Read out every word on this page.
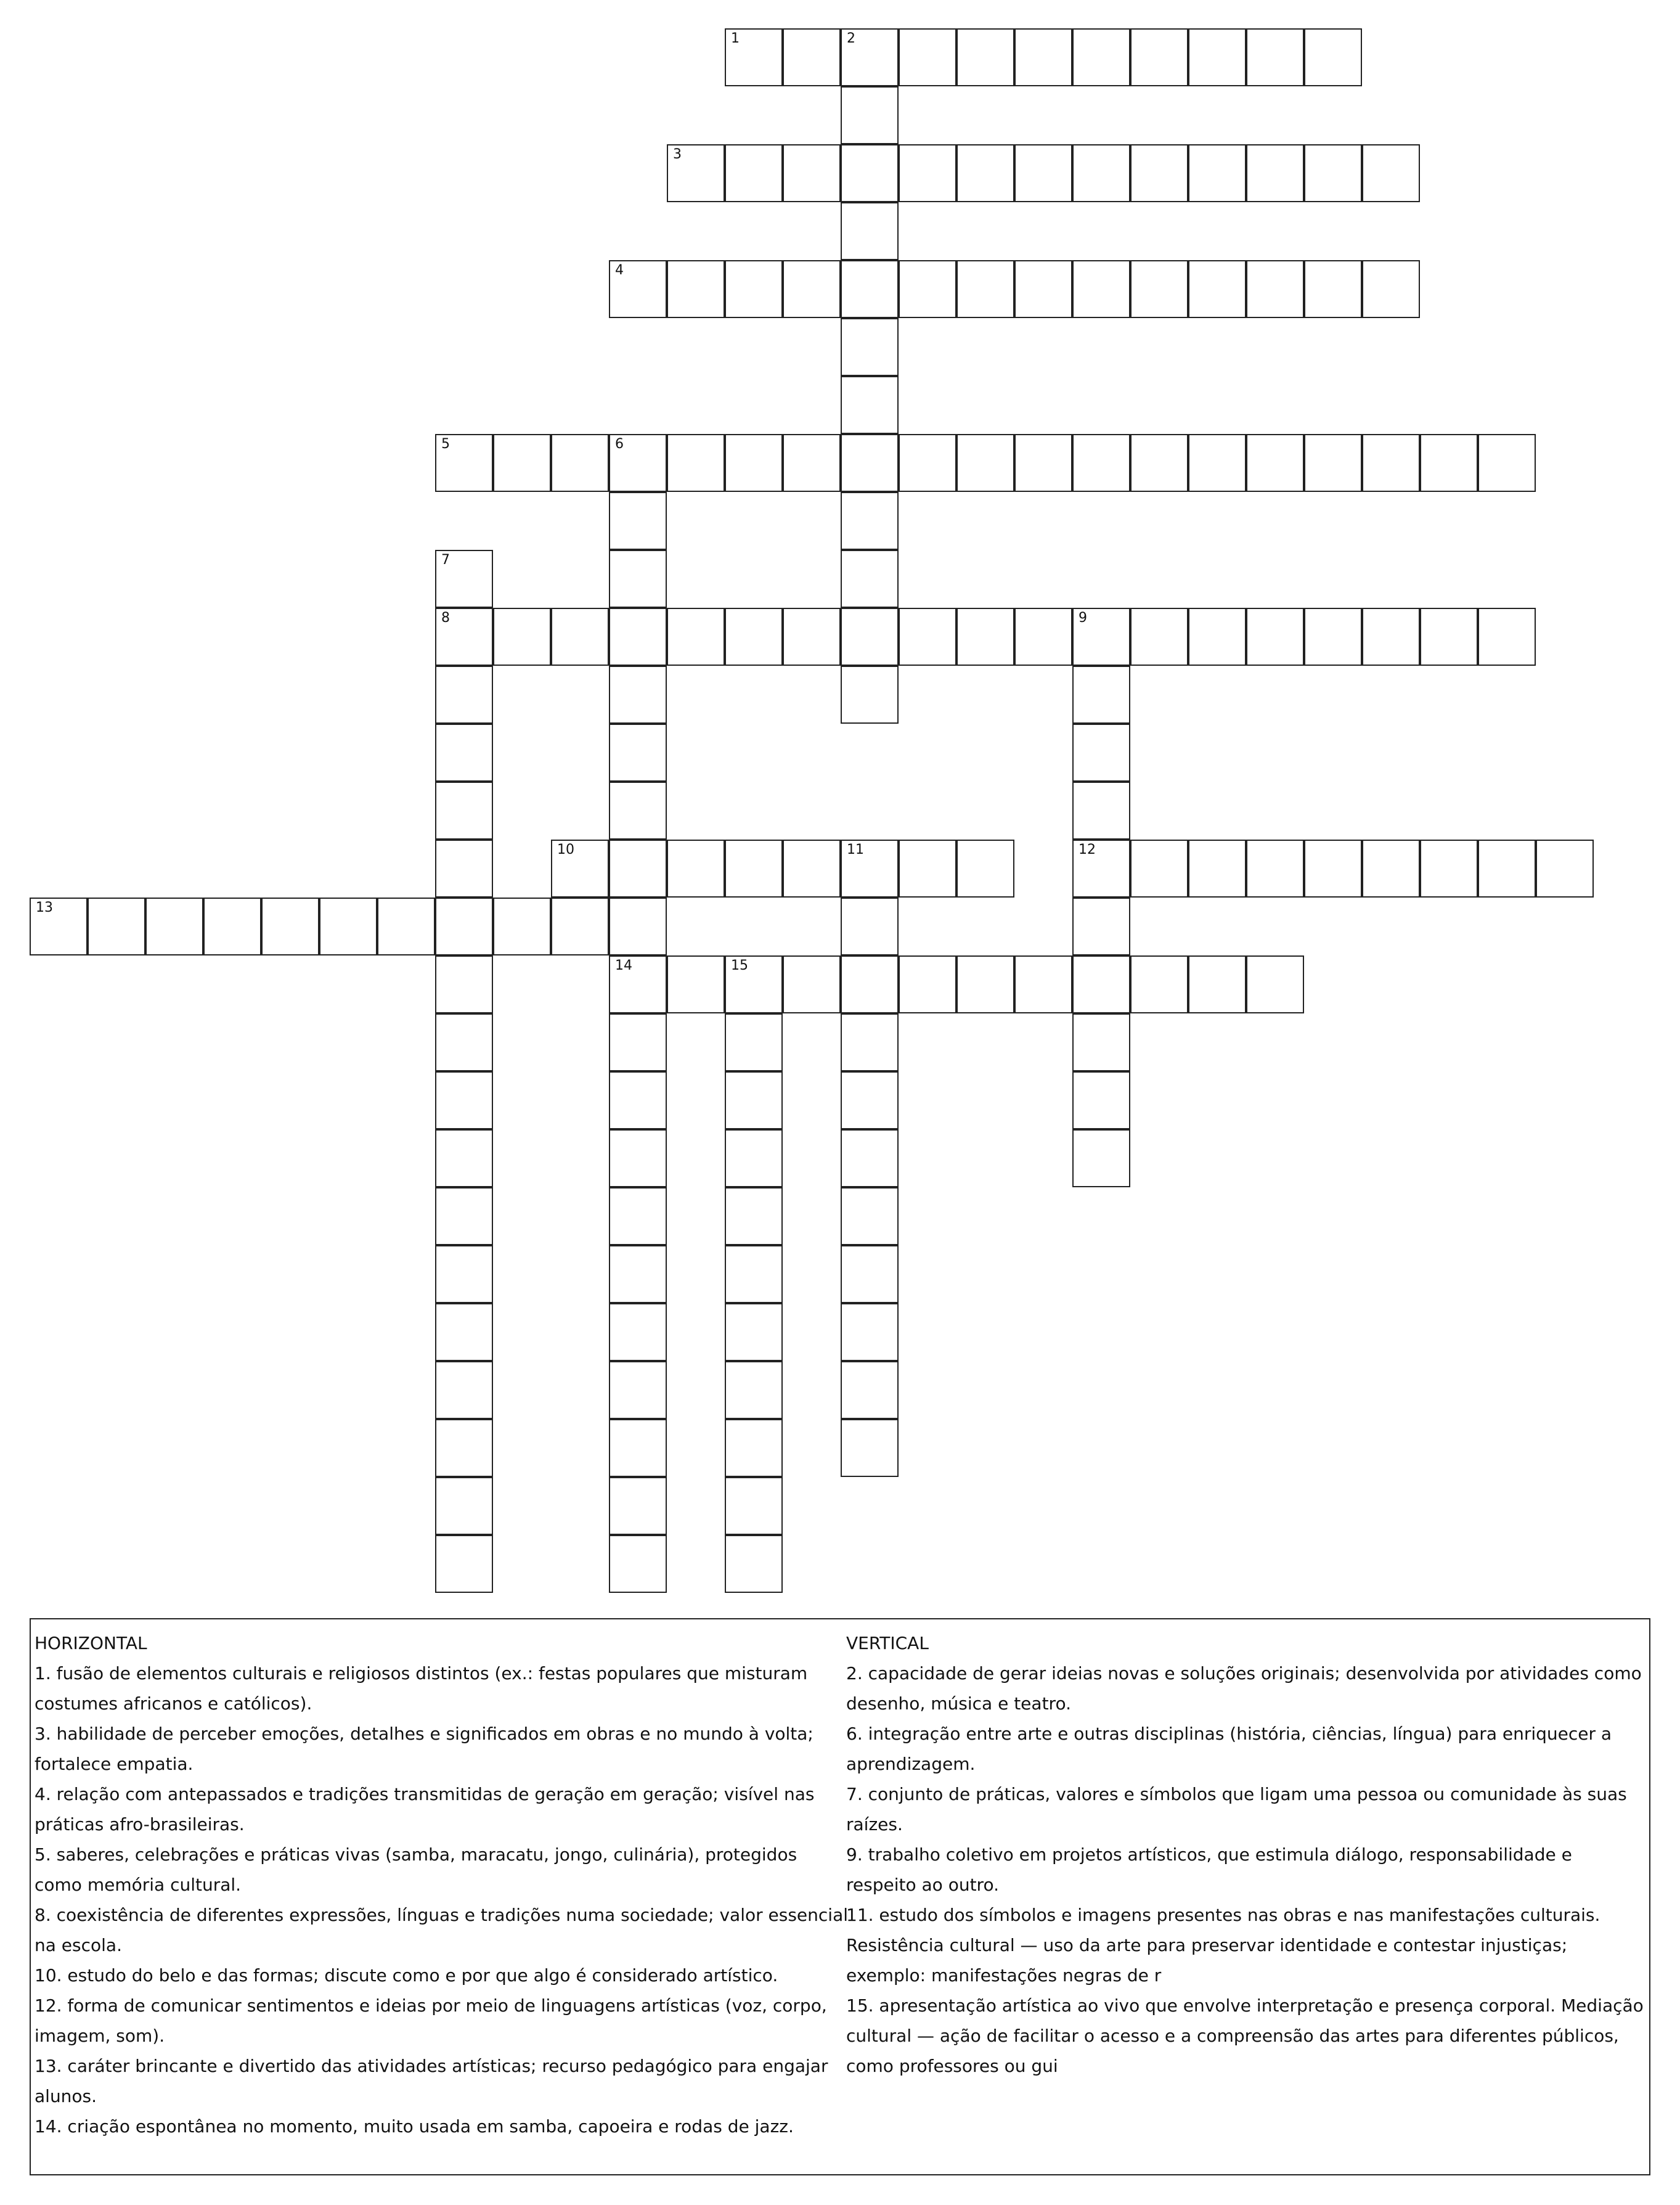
1	2
3
4
5	6
14
7
8	9
12
10	11
13
15

HORIZONTAL

1. fusão de elementos culturais e religiosos distintos (ex.: festas populares que misturam costumes africanos e católicos).

3. habilidade de perceber emoções, detalhes e significados em obras e no mundo à volta; fortalece empatia.

4. relação com antepassados e tradições transmitidas de geração em geração; visível nas práticas afro-brasileiras.

5. saberes, celebrações e práticas vivas (samba, maracatu, jongo, culinária), protegidos como memória cultural.

8. coexistência de diferentes expressões, línguas e tradições numa sociedade; valor essencial na escola.

10. estudo do belo e das formas; discute como e por que algo é considerado artístico.

12. forma de comunicar sentimentos e ideias por meio de linguagens artísticas (voz, corpo, imagem, som).

13. caráter brincante e divertido das atividades artísticas; recurso pedagógico para engajar alunos.

14. criação espontânea no momento, muito usada em samba, capoeira e rodas de jazz.

VERTICAL

2. capacidade de gerar ideias novas e soluções originais; desenvolvida por atividades como desenho, música e teatro.

6. integração entre arte e outras disciplinas (história, ciências, língua) para enriquecer a aprendizagem.

7. conjunto de práticas, valores e símbolos que ligam uma pessoa ou comunidade às suas raízes.

9. trabalho coletivo em projetos artísticos, que estimula diálogo, responsabilidade e respeito ao outro.

11. estudo dos símbolos e imagens presentes nas obras e nas manifestações culturais. Resistência cultural — uso da arte para preservar identidade e contestar injustiças; exemplo: manifestações negras de r

15. apresentação artística ao vivo que envolve interpretação e presença corporal. Mediação cultural — ação de facilitar o acesso e a compreensão das artes para diferentes públicos, como professores ou gui
